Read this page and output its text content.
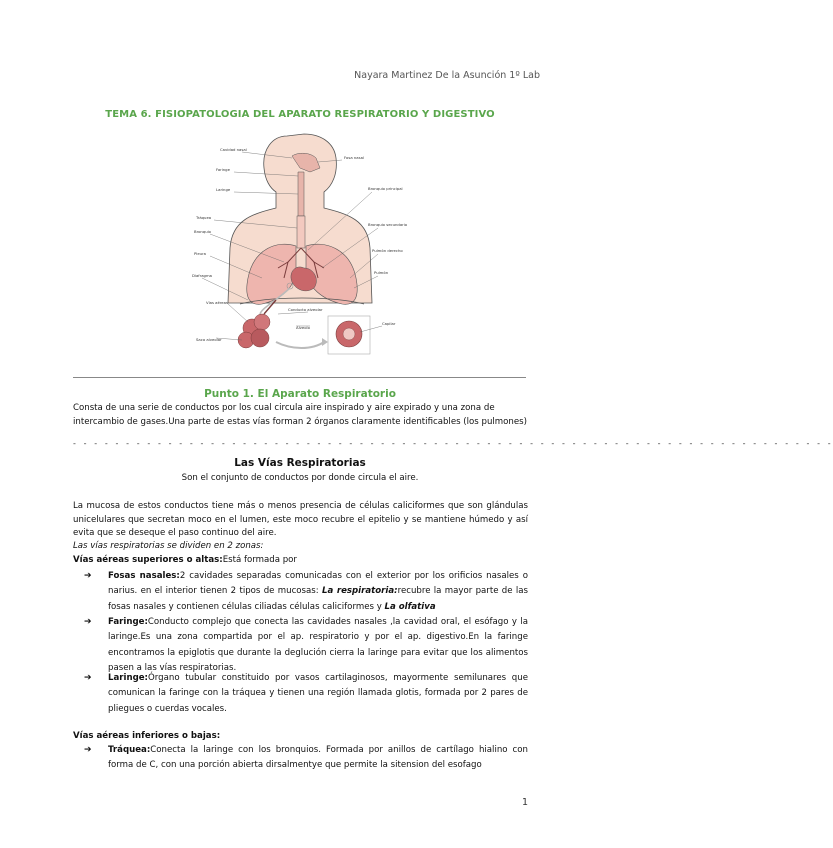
Nayara Martinez De la Asunción 1º Lab
TEMA 6. FISIOPATOLOGIA DEL APARATO RESPIRATORIO Y DIGESTIVO
Cavidad nasal
Faringe
Laringe
Tráquea
Bronquio
Pleura
Diafragma
Fosa nasal
Bronquio principal
Bronquio secundario
Pulmón derecho
Pulmón
Vías aéreas
Saco alveolar
Alveolo
Capilar
Conducto alveolar
Punto 1. El Aparato Respiratorio
Consta de una serie de conductos por los cual circula aire inspirado y aire expirado y una zona de intercambio de gases.Una parte de estas vías forman 2 órganos claramente identificables (los pulmones)
- - - - - - - - - - - - - - - - - - - - - - - - - - - - - - - - - - - - - - - - - - - - - - - - - - - - - - - - - - - - - - - - - - - - - - - -
Las Vías Respiratorias
Son el conjunto de conductos por donde circula el aire.
La mucosa de estos conductos tiene más o menos presencia de células caliciformes que son glándulas unicelulares que secretan moco en el lumen, este moco recubre el epitelio y se mantiene húmedo y así evita que se deseque el paso continuo del aire.
Las vías respiratorias se dividen en 2 zonas:
Vías aéreas superiores o altas:Está formada por
➔	Fosas nasales:2 cavidades separadas comunicadas con el exterior por los orificios nasales o narius. en el interior tienen 2 tipos de mucosas: La respiratoria:recubre la mayor parte de las fosas nasales y contienen células ciliadas células caliciformes y La olfativa
➔	Faringe:Conducto complejo que conecta las cavidades nasales ,la cavidad oral, el esófago y la laringe.Es una zona compartida por el ap. respiratorio y por el ap. digestivo.En la faringe encontramos la epiglotis que durante la deglución cierra la laringe para evitar que los alimentos pasen a las vías respiratorias.
➔	Laringe:Órgano tubular constituido por vasos cartilaginosos, mayormente semilunares que comunican la faringe con la tráquea y tienen una región llamada glotis, formada por 2 pares de pliegues o cuerdas vocales.
Vías aéreas inferiores o bajas:
➔	Tráquea:Conecta la laringe con los bronquios. Formada por anillos de cartílago hialino con forma de C, con una porción abierta dirsalmentye que permite la sitension del esofago
1
